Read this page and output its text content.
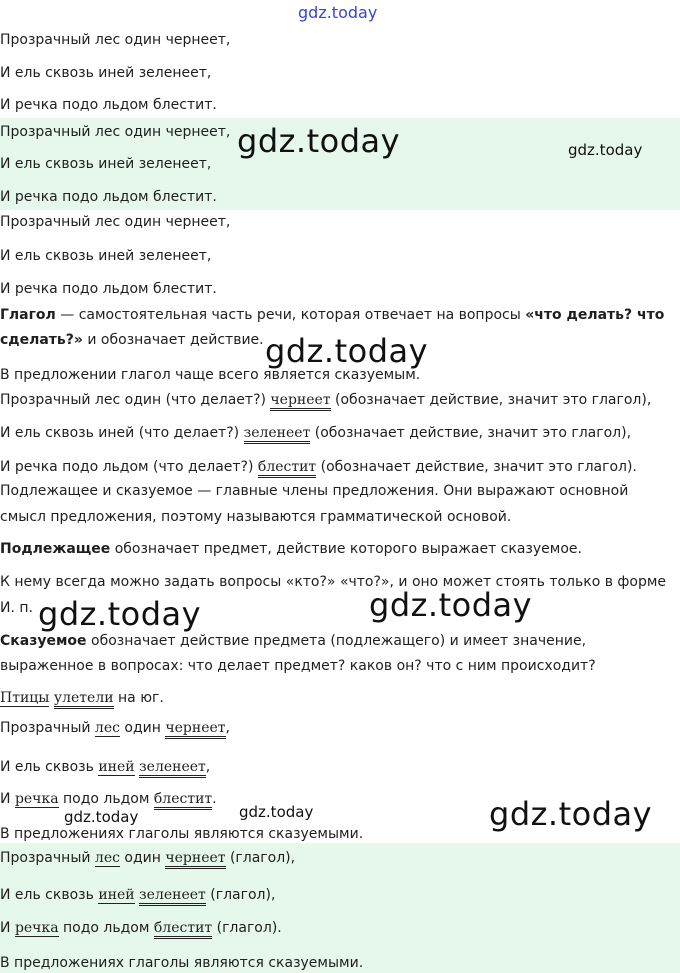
Прозрачный лес один чернеет,
И ель сквозь иней зеленеет,
И речка подо льдом блестит.
Прозрачный лес один чернеет,
И ель сквозь иней зеленеет,
И речка подо льдом блестит.
Прозрачный лес один чернеет,
И ель сквозь иней зеленеет,
И речка подо льдом блестит.
Глагол — самостоятельная часть речи, которая отвечает на вопросы «что делать? что
сделать?» и обозначает действие.
В предложении глагол чаще всего является сказуемым.
Прозрачный лес один (что делает?) чернеет (обозначает действие, значит это глагол),
И ель сквозь иней (что делает?) зеленеет (обозначает действие, значит это глагол),
И речка подо льдом (что делает?) блестит (обозначает действие, значит это глагол).
Подлежащее и сказуемое — главные члены предложения. Они выражают основной
смысл предложения, поэтому называются грамматической основой.
Подлежащее обозначает предмет, действие которого выражает сказуемое.
К нему всегда можно задать вопросы «кто?» «что?», и оно может стоять только в форме
И. п.
Сказуемое обозначает действие предмета (подлежащего) и имеет значение,
выраженное в вопросах: что делает предмет? каков он? что с ним происходит?
Птицы улетели на юг.
Прозрачный лес один чернеет,
И ель сквозь иней зеленеет,
И речка подо льдом блестит.
В предложениях глаголы являются сказуемыми.
Прозрачный лес один чернеет (глагол),
И ель сквозь иней зеленеет (глагол),
И речка подо льдом блестит (глагол).
В предложениях глаголы являются сказуемыми.
gdz.today
gdz.today	gdz.today
gdz.today
gdz.today	gdz.today
gdz.today
gdz.today
gdz.today
